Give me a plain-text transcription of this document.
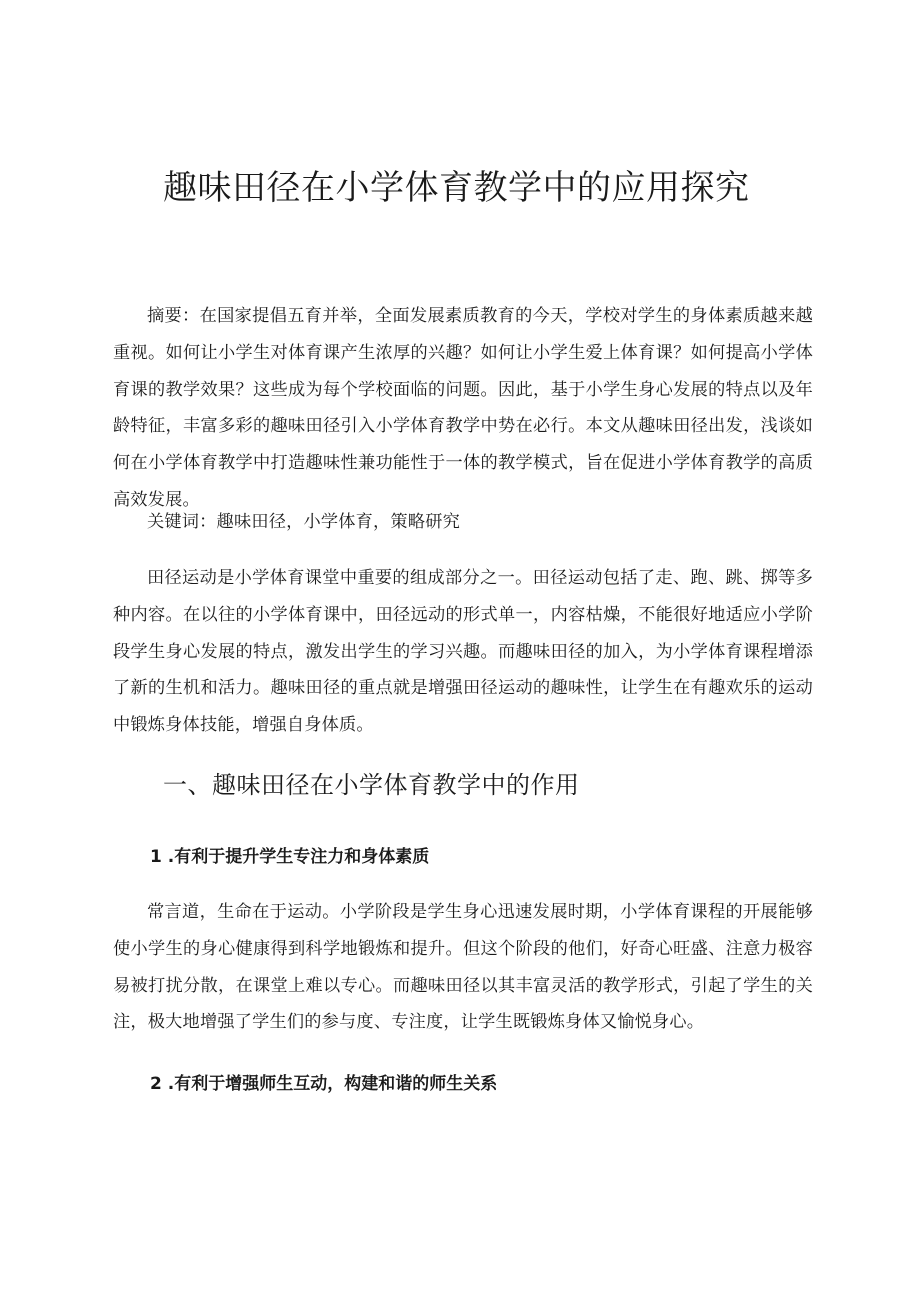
趣味田径在小学体育教学中的应用探究

摘要：在国家提倡五育并举，全面发展素质教育的今天，学校对学生的身体素质越来越重视。如何让小学生对体育课产生浓厚的兴趣？如何让小学生爱上体育课？如何提高小学体育课的教学效果？这些成为每个学校面临的问题。因此，基于小学生身心发展的特点以及年龄特征，丰富多彩的趣味田径引入小学体育教学中势在必行。本文从趣味田径出发，浅谈如何在小学体育教学中打造趣味性兼功能性于一体的教学模式，旨在促进小学体育教学的高质高效发展。

关键词：趣味田径，小学体育，策略研究

田径运动是小学体育课堂中重要的组成部分之一。田径运动包括了走、跑、跳、掷等多种内容。在以往的小学体育课中，田径远动的形式单一，内容枯燥，不能很好地适应小学阶段学生身心发展的特点，激发出学生的学习兴趣。而趣味田径的加入，为小学体育课程增添了新的生机和活力。趣味田径的重点就是增强田径运动的趣味性，让学生在有趣欢乐的运动中锻炼身体技能，增强自身体质。

一、趣味田径在小学体育教学中的作用
1 .有利于提升学生专注力和身体素质

常言道，生命在于运动。小学阶段是学生身心迅速发展时期，小学体育课程的开展能够使小学生的身心健康得到科学地锻炼和提升。但这个阶段的他们，好奇心旺盛、注意力极容易被打扰分散，在课堂上难以专心。而趣味田径以其丰富灵活的教学形式，引起了学生的关注，极大地增强了学生们的参与度、专注度，让学生既锻炼身体又愉悦身心。

2 .有利于增强师生互动，构建和谐的师生关系
